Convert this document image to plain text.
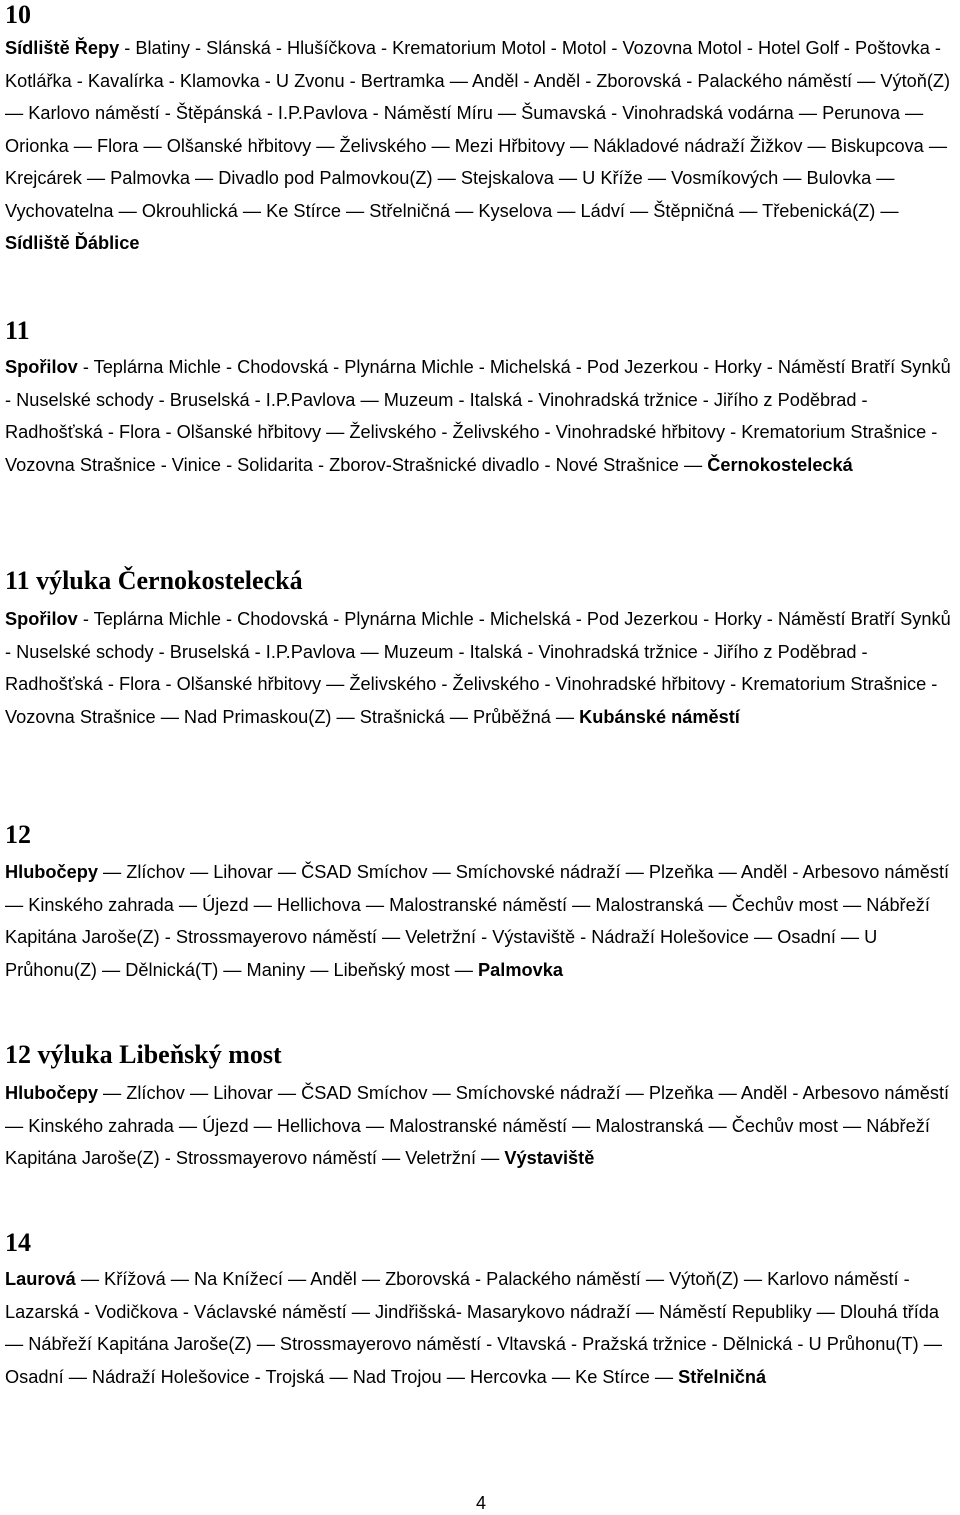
10

Sídliště Řepy - Blatiny - Slánská - Hlušíčkova - Krematorium Motol - Motol - Vozovna Motol - Hotel Golf - Poštovka - Kotlářka - Kavalírka - Klamovka - U Zvonu - Bertramka — Anděl - Anděl - Zborovská - Palackého náměstí — Výtoň(Z) — Karlovo náměstí - Štěpánská - I.P.Pavlova - Náměstí Míru — Šumavská - Vinohradská vodárna — Perunova — Orionka — Flora — Olšanské hřbitovy — Želivského — Mezi Hřbitovy — Nákladové nádraží Žižkov — Biskupcova — Krejcárek — Palmovka — Divadlo pod Palmovkou(Z) — Stejskalova — U Kříže — Vosmíkových — Bulovka — Vychovatelna — Okrouhlická — Ke Stírce — Střelničná — Kyselova — Ládví — Štěpničná — Třebenická(Z) — Sídliště Ďáblice

11

Spořilov - Teplárna Michle - Chodovská - Plynárna Michle - Michelská - Pod Jezerkou - Horky - Náměstí Bratří Synků - Nuselské schody - Bruselská - I.P.Pavlova — Muzeum - Italská - Vinohradská tržnice - Jiřího z Poděbrad - Radhošťská - Flora - Olšanské hřbitovy — Želivského - Želivského - Vinohradské hřbitovy - Krematorium Strašnice - Vozovna Strašnice - Vinice - Solidarita - Zborov-Strašnické divadlo - Nové Strašnice — Černokostelecká

11 výluka Černokostelecká

Spořilov - Teplárna Michle - Chodovská - Plynárna Michle - Michelská - Pod Jezerkou - Horky - Náměstí Bratří Synků - Nuselské schody - Bruselská - I.P.Pavlova — Muzeum - Italská - Vinohradská tržnice - Jiřího z Poděbrad - Radhošťská - Flora - Olšanské hřbitovy — Želivského - Želivského - Vinohradské hřbitovy - Krematorium Strašnice - Vozovna Strašnice — Nad Primaskou(Z) — Strašnická — Průběžná — Kubánské náměstí

12

Hlubočepy — Zlíchov — Lihovar — ČSAD Smíchov — Smíchovské nádraží — Plzeňka — Anděl - Arbesovo náměstí — Kinského zahrada — Újezd — Hellichova — Malostranské náměstí — Malostranská — Čechův most — Nábřeží Kapitána Jaroše(Z) - Strossmayerovo náměstí — Veletržní - Výstaviště - Nádraží Holešovice — Osadní — U Průhonu(Z) — Dělnická(T) — Maniny — Libeňský most — Palmovka

12 výluka Libeňský most

Hlubočepy — Zlíchov — Lihovar — ČSAD Smíchov — Smíchovské nádraží — Plzeňka — Anděl - Arbesovo náměstí — Kinského zahrada — Újezd — Hellichova — Malostranské náměstí — Malostranská — Čechův most — Nábřeží Kapitána Jaroše(Z) - Strossmayerovo náměstí — Veletržní — Výstaviště

14

Laurová — Křížová — Na Knížecí — Anděl — Zborovská - Palackého náměstí — Výtoň(Z) — Karlovo náměstí - Lazarská - Vodičkova - Václavské náměstí — Jindřišská- Masarykovo nádraží — Náměstí Republiky — Dlouhá třída — Nábřeží Kapitána Jaroše(Z) — Strossmayerovo náměstí - Vltavská - Pražská tržnice - Dělnická - U Průhonu(T) — Osadní — Nádraží Holešovice - Trojská — Nad Trojou — Hercovka — Ke Stírce — Střelničná

4
